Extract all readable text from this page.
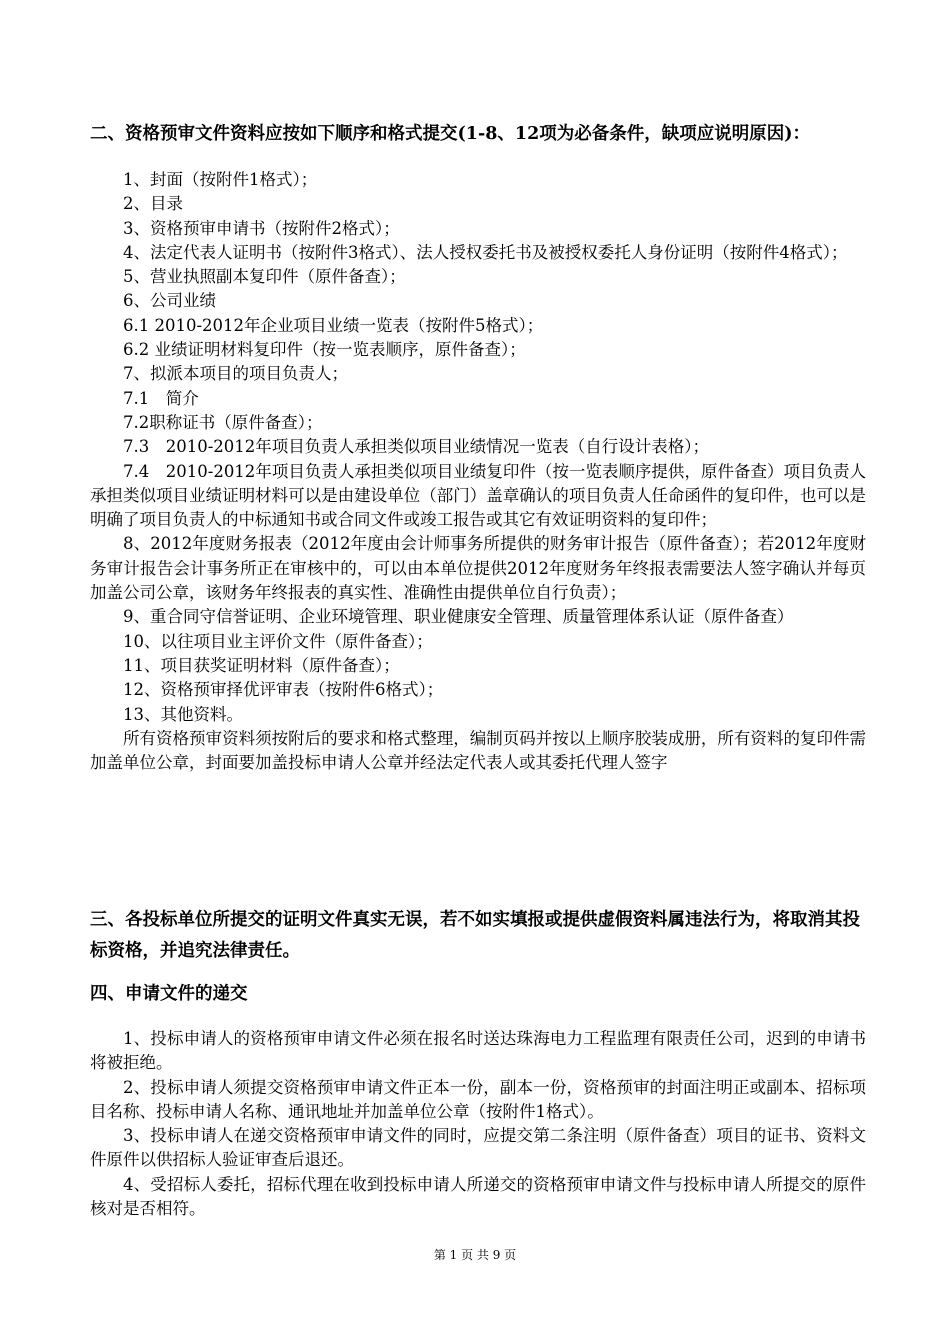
二、资格预审文件资料应按如下顺序和格式提交(1-8、12项为必备条件，缺项应说明原因)：

1、封面（按附件1格式）；

2、目录

3、资格预审申请书（按附件2格式）；

4、法定代表人证明书（按附件3格式）、法人授权委托书及被授权委托人身份证明（按附件4格式）；

5、营业执照副本复印件（原件备查）；

6、公司业绩

6.1 2010-2012年企业项目业绩一览表（按附件5格式）；

6.2 业绩证明材料复印件（按一览表顺序，原件备查）；

7、拟派本项目的项目负责人；

7.1　简介

7.2职称证书（原件备查）；

7.3　2010-2012年项目负责人承担类似项目业绩情况一览表（自行设计表格）；

7.4　2010-2012年项目负责人承担类似项目业绩复印件（按一览表顺序提供，原件备查）项目负责人承担类似项目业绩证明材料可以是由建设单位（部门）盖章确认的项目负责人任命函件的复印件，也可以是明确了项目负责人的中标通知书或合同文件或竣工报告或其它有效证明资料的复印件；

8、2012年度财务报表（2012年度由会计师事务所提供的财务审计报告（原件备查）；若2012年度财务审计报告会计事务所正在审核中的，可以由本单位提供2012年度财务年终报表需要法人签字确认并每页加盖公司公章，该财务年终报表的真实性、准确性由提供单位自行负责）；

9、重合同守信誉证明、企业环境管理、职业健康安全管理、质量管理体系认证（原件备查）

10、以往项目业主评价文件（原件备查）；

11、项目获奖证明材料（原件备查）；

12、资格预审择优评审表（按附件6格式）；

13、其他资料。

所有资格预审资料须按附后的要求和格式整理，编制页码并按以上顺序胶装成册，所有资料的复印件需加盖单位公章，封面要加盖投标申请人公章并经法定代表人或其委托代理人签字

三、各投标单位所提交的证明文件真实无误，若不如实填报或提供虚假资料属违法行为，将取消其投标资格，并追究法律责任。
四、申请文件的递交

1、投标申请人的资格预审申请文件必须在报名时送达珠海电力工程监理有限责任公司，迟到的申请书将被拒绝。

2、投标申请人须提交资格预审申请文件正本一份，副本一份，资格预审的封面注明正或副本、招标项目名称、投标申请人名称、通讯地址并加盖单位公章（按附件1格式）。

3、投标申请人在递交资格预审申请文件的同时，应提交第二条注明（原件备查）项目的证书、资料文件原件以供招标人验证审查后退还。

4、受招标人委托，招标代理在收到投标申请人所递交的资格预审申请文件与投标申请人所提交的原件核对是否相符。

第 1 页 共 9 页
